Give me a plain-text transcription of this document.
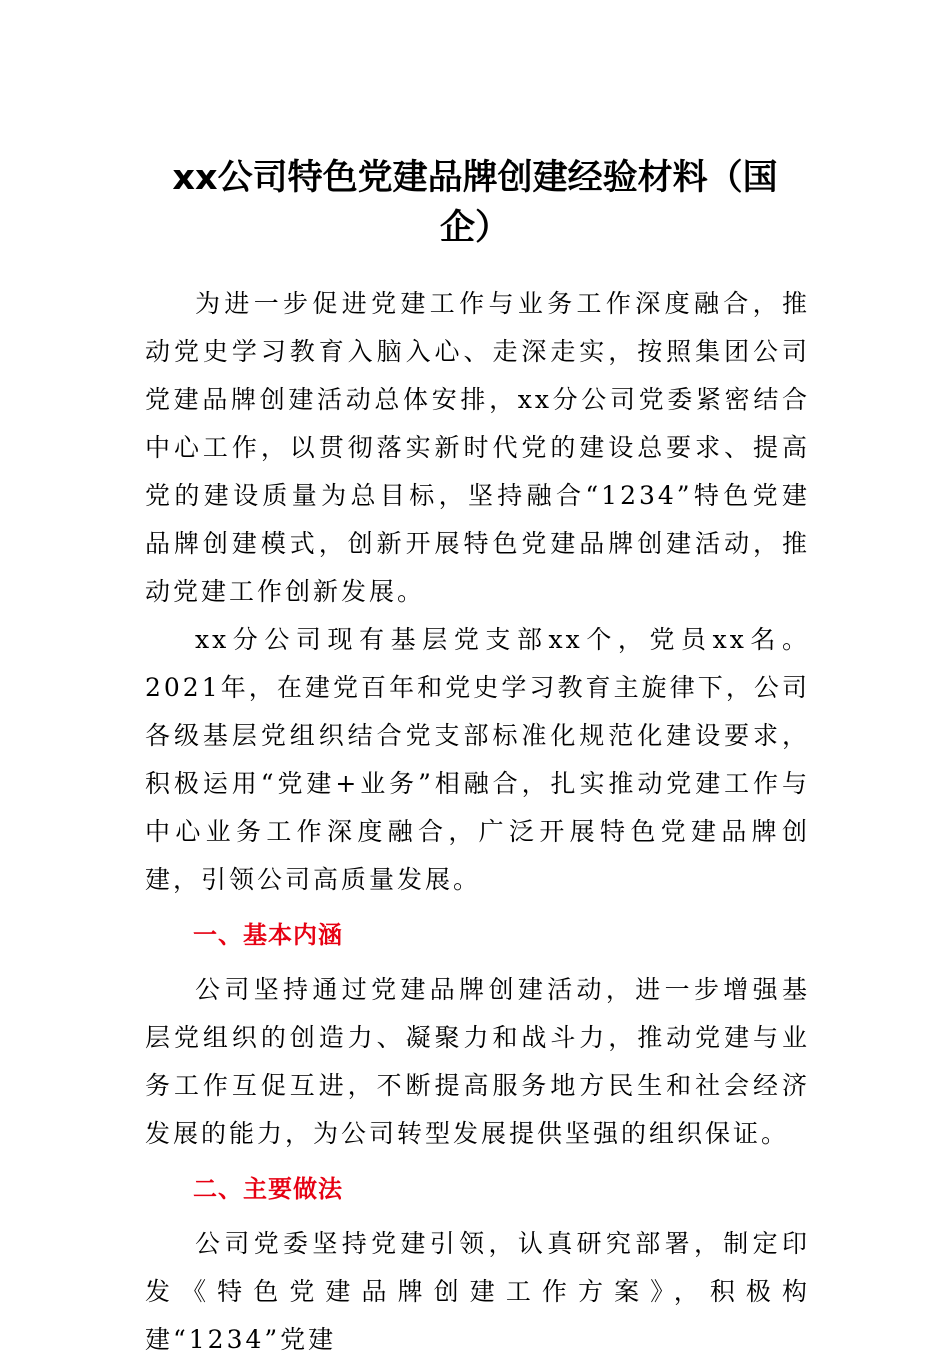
xx公司特色党建品牌创建经验材料（国
企）

为进一步促进党建工作与业务工作深度融合，推动党史学习教育入脑入心、走深走实，按照集团公司党建品牌创建活动总体安排，xx分公司党委紧密结合中心工作，以贯彻落实新时代党的建设总要求、提高党的建设质量为总目标，坚持融合“1234”特色党建品牌创建模式，创新开展特色党建品牌创建活动，推动党建工作创新发展。

xx分公司现有基层党支部xx个，党员xx名。2021年，在建党百年和党史学习教育主旋律下，公司各级基层党组织结合党支部标准化规范化建设要求，积极运用“党建+业务”相融合，扎实推动党建工作与中心业务工作深度融合，广泛开展特色党建品牌创建，引领公司高质量发展。

一、基本内涵

公司坚持通过党建品牌创建活动，进一步增强基层党组织的创造力、凝聚力和战斗力，推动党建与业务工作互促互进，不断提高服务地方民生和社会经济发展的能力，为公司转型发展提供坚强的组织保证。

二、主要做法

公司党委坚持党建引领，认真研究部署，制定印发《特色党建品牌创建工作方案》，积极构建“1234”党建
